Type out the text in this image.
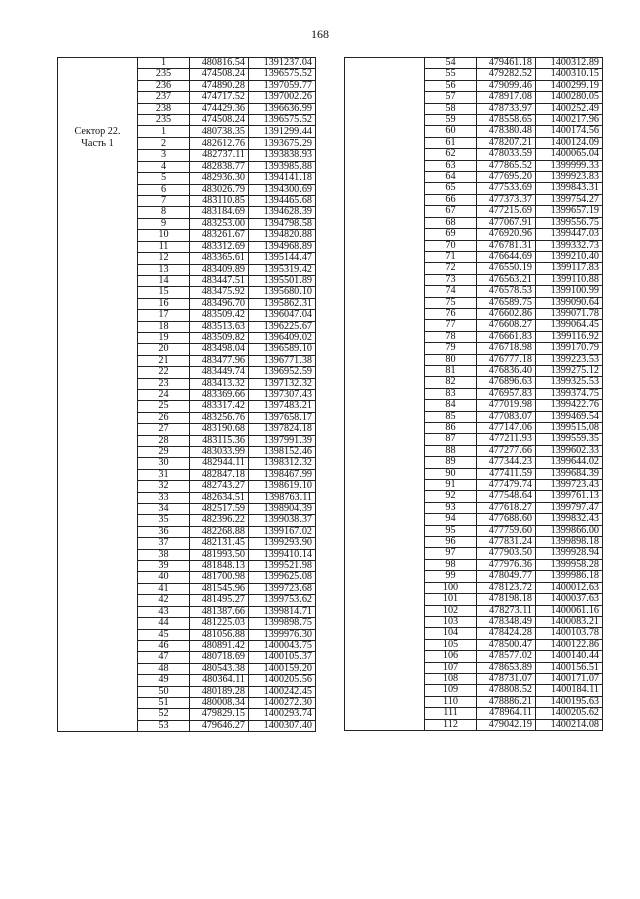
168
	1	480816.54	1391237.04
	235	474508.24	1396575.52
	236	474890.28	1397059.77
	237	474717.52	1397002.26
	238	474429.36	1396636.99
	235	474508.24	1396575.52

Сектор 22.
Часть 1	1	480738.35	1391299.44
	2	482612.76	1393675.29
	3	482737.11	1393838.93
	4	482838.77	1393985.88
	5	482936.30	1394141.18
	6	483026.79	1394300.69
	7	483110.85	1394465.68
	8	483184.69	1394628.39
	9	483253.00	1394798.58
	10	483261.67	1394820.88
	11	483312.69	1394968.89
	12	483365.61	1395144.47
	13	483409.89	1395319.42
	14	483447.51	1395501.89
	15	483475.92	1395680.10
	16	483496.70	1395862.31
	17	483509.42	1396047.04
	18	483513.63	1396225.67
	19	483509.82	1396409.02
	20	483498.04	1396589.10
	21	483477.96	1396771.38
	22	483449.74	1396952.59
	23	483413.32	1397132.32
	24	483369.66	1397307.43
	25	483317.42	1397483.21
	26	483256.76	1397658.17
	27	483190.68	1397824.18
	28	483115.36	1397991.39
	29	483033.99	1398152.46
	30	482944.11	1398312.32
	31	482847.18	1398467.99
	32	482743.27	1398619.10
	33	482634.51	1398763.11
	34	482517.59	1398904.39
	35	482396.22	1399038.37
	36	482268.88	1399167.02
	37	482131.45	1399293.90
	38	481993.50	1399410.14
	39	481848.13	1399521.98
	40	481700.98	1399625.08
	41	481545.96	1399723.68
	42	481495.27	1399753.62
	43	481387.66	1399814.71
	44	481225.03	1399898.75
	45	481056.88	1399976.30
	46	480891.42	1400043.75
	47	480718.69	1400105.37
	48	480543.38	1400159.20
	49	480364.11	1400205.56
	50	480189.28	1400242.45
	51	480008.34	1400272.30
	52	479829.15	1400293.74
	53	479646.27	1400307.40
	54	479461.18	1400312.89
	55	479282.52	1400310.15
	56	479099.46	1400299.19
	57	478917.08	1400280.05
	58	478733.97	1400252.49
	59	478558.65	1400217.96
	60	478380.48	1400174.56
	61	478207.21	1400124.09
	62	478033.59	1400065.04
	63	477865.52	1399999.33
	64	477695.20	1399923.83
	65	477533.69	1399843.31
	66	477373.37	1399754.27
	67	477215.69	1399657.19
	68	477067.91	1399556.75
	69	476920.96	1399447.03
	70	476781.31	1399332.73
	71	476644.69	1399210.40
	72	476550.19	1399117.83
	73	476563.21	1399110.88
	74	476578.53	1399100.99
	75	476589.75	1399090.64
	76	476602.86	1399071.78
	77	476608.27	1399064.45
	78	476661.83	1399116.92
	79	476718.98	1399170.79
	80	476777.18	1399223.53
	81	476836.40	1399275.12
	82	476896.63	1399325.53
	83	476957.83	1399374.75
	84	477019.98	1399422.76
	85	477083.07	1399469.54
	86	477147.06	1399515.08
	87	477211.93	1399559.35
	88	477277.66	1399602.33
	89	477344.23	1399644.02
	90	477411.59	1399684.39
	91	477479.74	1399723.43
	92	477548.64	1399761.13
	93	477618.27	1399797.47
	94	477688.60	1399832.43
	95	477759.60	1399866.00
	96	477831.24	1399898.18
	97	477903.50	1399928.94
	98	477976.36	1399958.28
	99	478049.77	1399986.18
	100	478123.72	1400012.63
	101	478198.18	1400037.63
	102	478273.11	1400061.16
	103	478348.49	1400083.21
	104	478424.28	1400103.78
	105	478500.47	1400122.86
	106	478577.02	1400140.44
	107	478653.89	1400156.51
	108	478731.07	1400171.07
	109	478808.52	1400184.11
	110	478886.21	1400195.63
	111	478964.11	1400205.62
	112	479042.19	1400214.08
